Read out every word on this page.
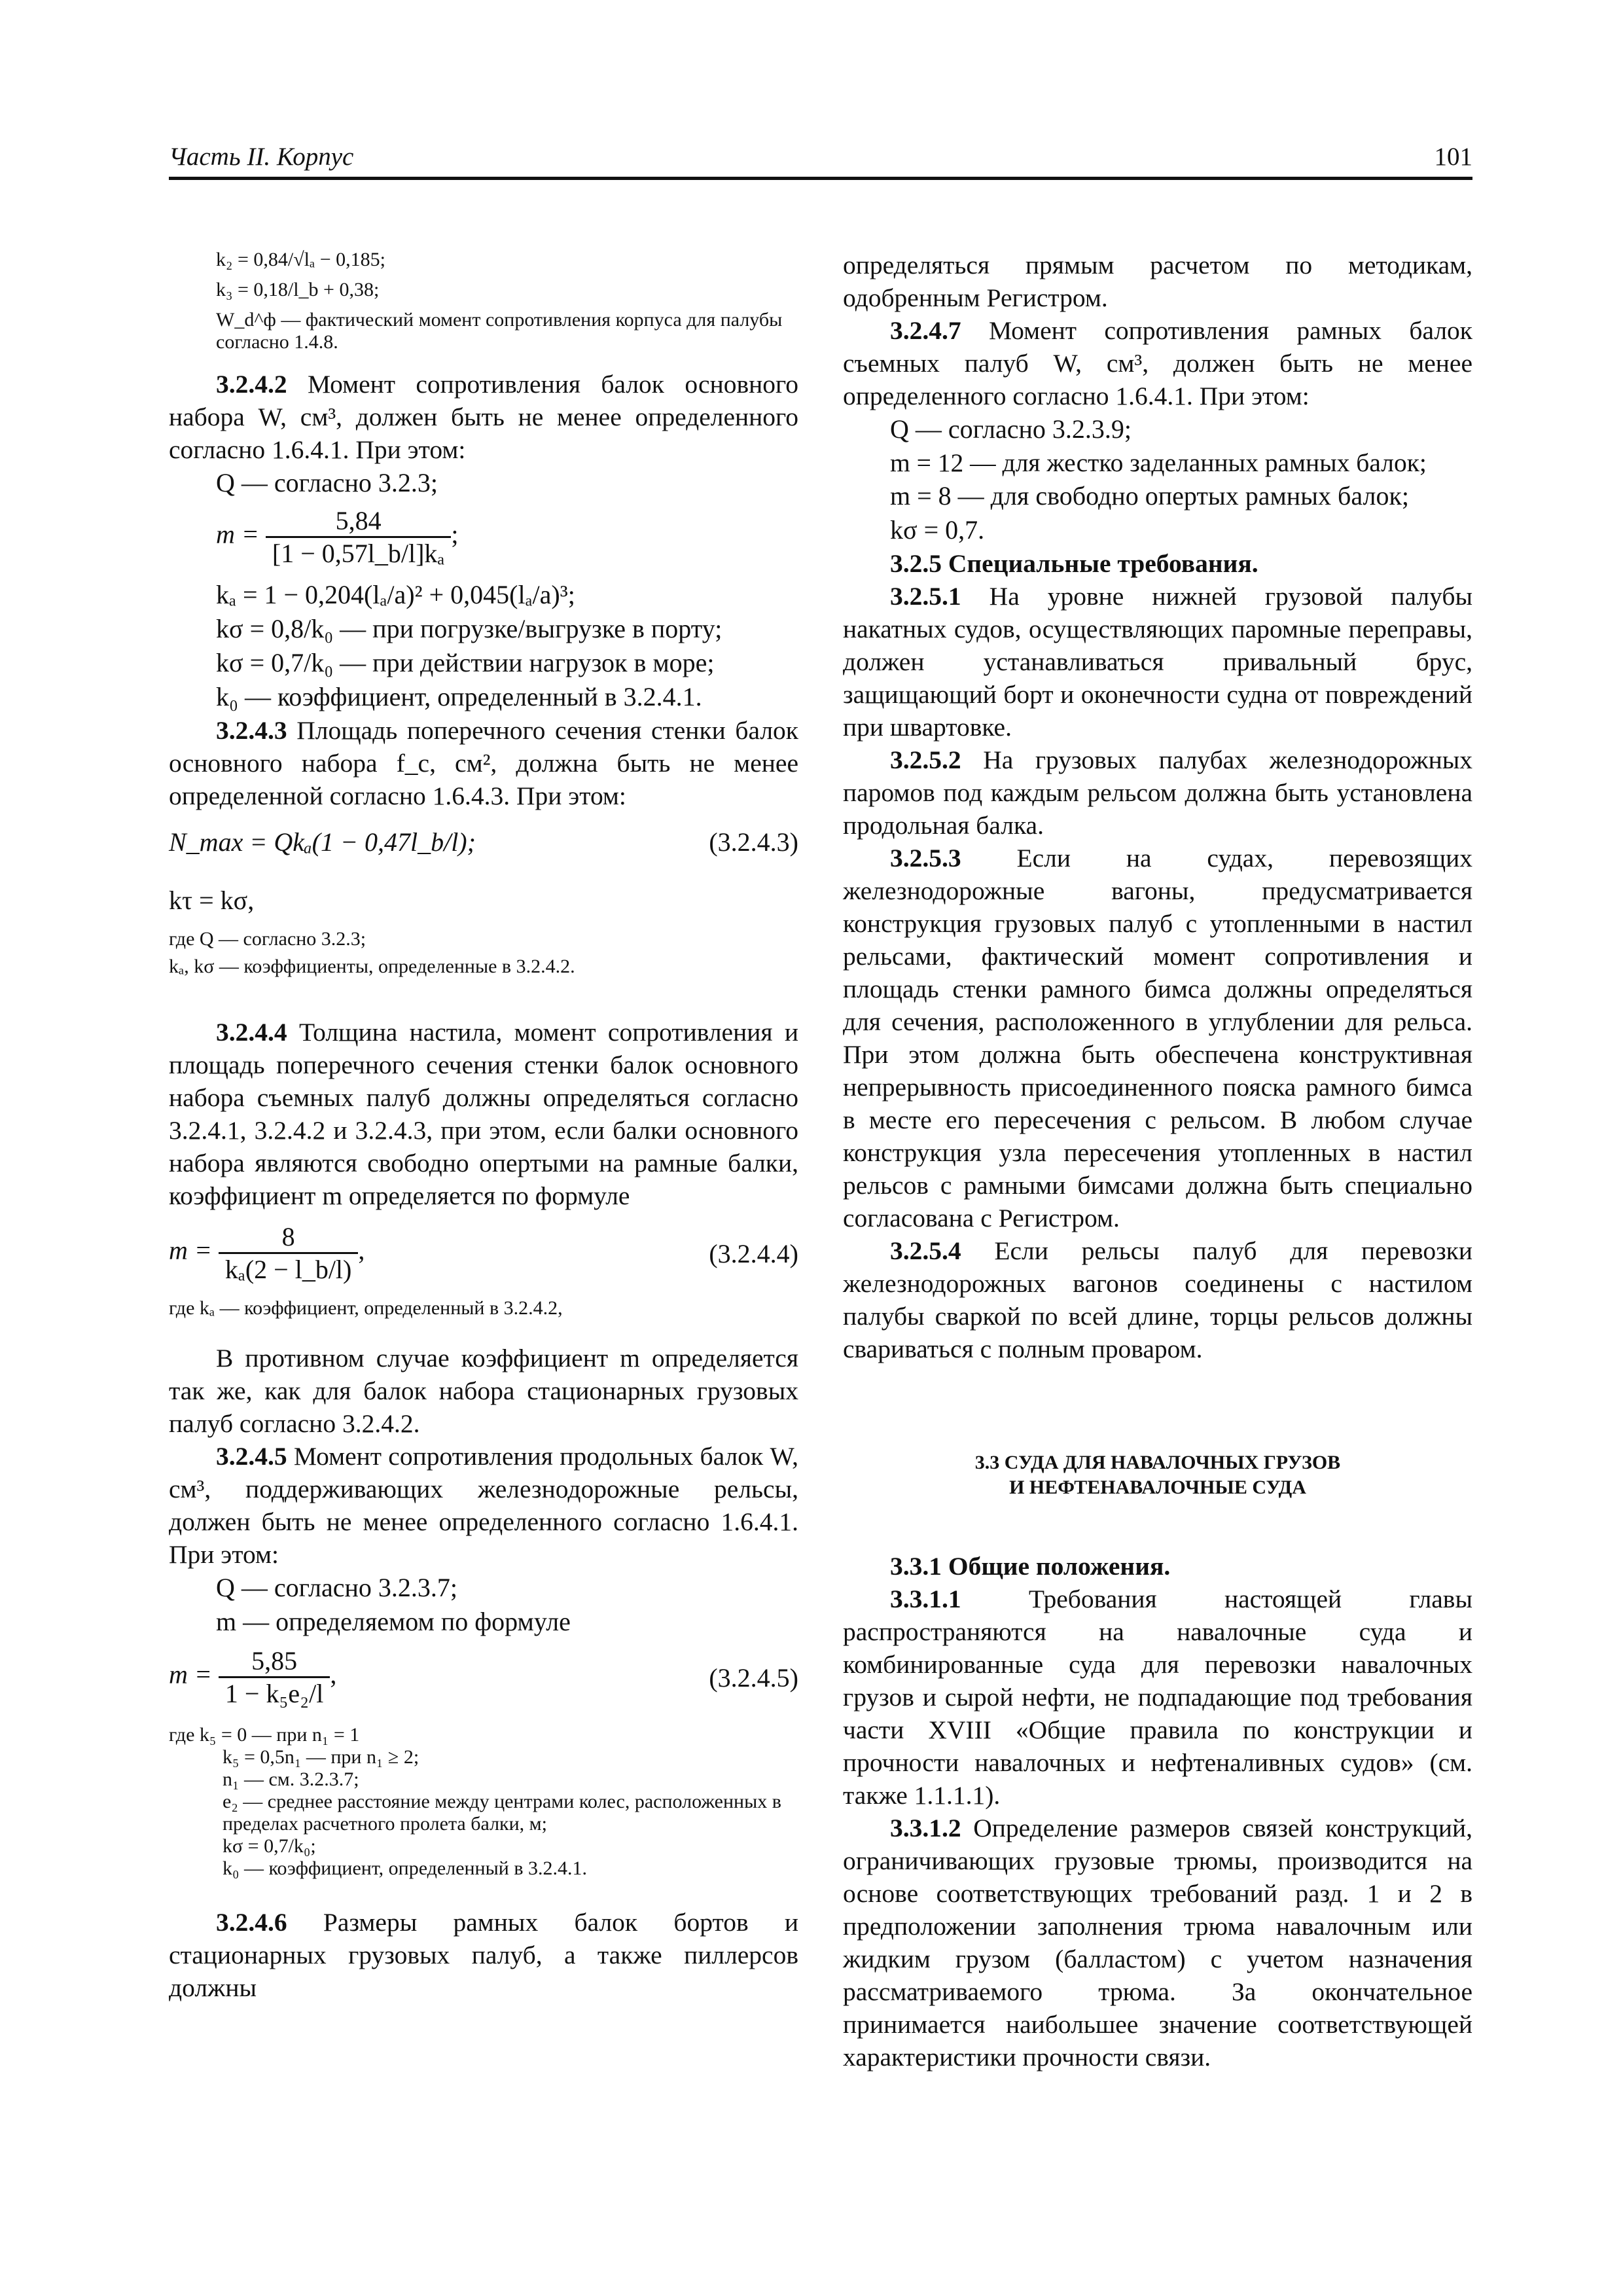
Часть II. Корпус	101

k₂ = 0,84/√lₐ − 0,185;

k₃ = 0,18/l_b + 0,38;

W_d^ф — фактический момент сопротивления корпуса для палубы согласно 1.4.8.

3.2.4.2 Момент сопротивления балок основного набора W, см³, должен быть не менее определенного согласно 1.6.4.1. При этом:

Q — согласно 3.2.3;

$m = \frac{5,84}{\text{[1 − 0,57l\_b/l]kₐ}}$ ;

kₐ = 1 − 0,204(lₐ/a)² + 0,045(lₐ/a)³;

kσ = 0,8/k₀ — при погрузке/выгрузке в порту;

kσ = 0,7/k₀ — при действии нагрузок в море;

k₀ — коэффициент, определенный в 3.2.4.1.

3.2.4.3 Площадь поперечного сечения стенки балок основного набора f_c, см², должна быть не менее определенной согласно 1.6.4.3. При этом:

N_max = Qkₐ(1 − 0,47l_b/l);	(3.2.4.3)

kτ = kσ,

где Q — согласно 3.2.3;

kₐ, kσ — коэффициенты, определенные в 3.2.4.2.

3.2.4.4 Толщина настила, момент сопротивления и площадь поперечного сечения стенки балок основного набора съемных палуб должны определяться согласно 3.2.4.1, 3.2.4.2 и 3.2.4.3, при этом, если балки основного набора являются свободно опертыми на рамные балки, коэффициент m определяется по формуле

$m = \frac{8}{\text{kₐ(2 − l\_b/l)}}$ ,	(3.2.4.4)

где kₐ — коэффициент, определенный в 3.2.4.2,

В противном случае коэффициент m определяется так же, как для балок набора стационарных грузовых палуб согласно 3.2.4.2.

3.2.4.5 Момент сопротивления продольных балок W, см³, поддерживающих железнодорожные рельсы, должен быть не менее определенного согласно 1.6.4.1. При этом:

Q — согласно 3.2.3.7;

m — определяемом по формуле

$m = \frac{5,85}{\text{1 − k₅e₂/l}}$ ,	(3.2.4.5)

где k₅ = 0 — при n₁ = 1

k₅ = 0,5n₁ — при n₁ ≥ 2;

n₁ — см. 3.2.3.7;

e₂ — среднее расстояние между центрами колес, расположенных в пределах расчетного пролета балки, м;

kσ = 0,7/k₀;

k₀ — коэффициент, определенный в 3.2.4.1.

3.2.4.6 Размеры рамных балок бортов и стационарных грузовых палуб, а также пиллерсов должны

определяться прямым расчетом по методикам, одобренным Регистром.

3.2.4.7 Момент сопротивления рамных балок съемных палуб W, см³, должен быть не менее определенного согласно 1.6.4.1. При этом:

Q — согласно 3.2.3.9;

m = 12 — для жестко заделанных рамных балок;

m = 8 — для свободно опертых рамных балок;

kσ = 0,7.

3.2.5 Специальные требования.

3.2.5.1 На уровне нижней грузовой палубы накатных судов, осуществляющих паромные переправы, должен устанавливаться привальный брус, защищающий борт и оконечности судна от повреждений при швартовке.

3.2.5.2 На грузовых палубах железнодорожных паромов под каждым рельсом должна быть установлена продольная балка.

3.2.5.3 Если на судах, перевозящих железнодорожные вагоны, предусматривается конструкция грузовых палуб с утопленными в настил рельсами, фактический момент сопротивления и площадь стенки рамного бимса должны определяться для сечения, расположенного в углублении для рельса. При этом должна быть обеспечена конструктивная непрерывность присоединенного пояска рамного бимса в месте его пересечения с рельсом. В любом случае конструкция узла пересечения утопленных в настил рельсов с рамными бимсами должна быть специально согласована с Регистром.

3.2.5.4 Если рельсы палуб для перевозки железнодорожных вагонов соединены с настилом палубы сваркой по всей длине, торцы рельсов должны свариваться с полным проваром.

3.3 СУДА ДЛЯ НАВАЛОЧНЫХ ГРУЗОВ

И НЕФТЕНАВАЛОЧНЫЕ СУДА

3.3.1 Общие положения.

3.3.1.1 Требования настоящей главы распространяются на навалочные суда и комбинированные суда для перевозки навалочных грузов и сырой нефти, не подпадающие под требования части XVIII «Общие правила по конструкции и прочности навалочных и нефтеналивных судов» (см. также 1.1.1.1).

3.3.1.2 Определение размеров связей конструкций, ограничивающих грузовые трюмы, производится на основе соответствующих требований разд. 1 и 2 в предположении заполнения трюма навалочным или жидким грузом (балластом) с учетом назначения рассматриваемого трюма. За окончательное принимается наибольшее значение соответствующей характеристики прочности связи.
